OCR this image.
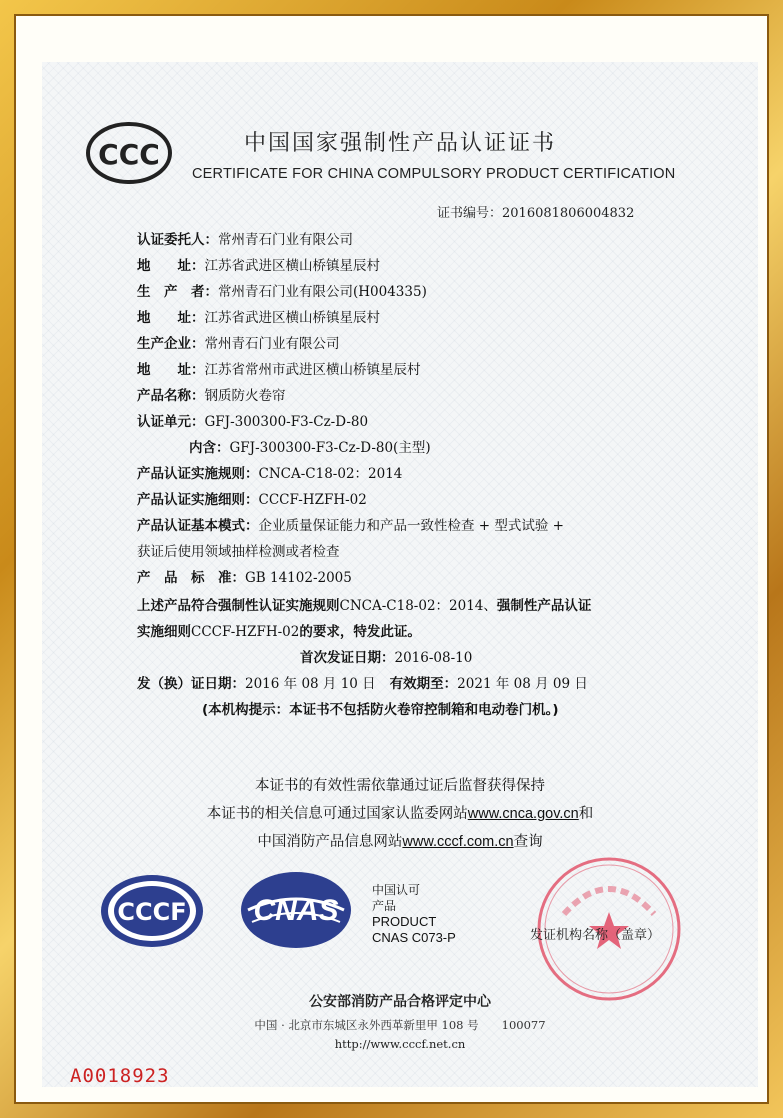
CCC	中国国家强制性产品认证证书
CERTIFICATE FOR CHINA COMPULSORY PRODUCT CERTIFICATION
证书编号：2016081806004832
认证委托人：常州青石门业有限公司
地　　址：江苏省武进区横山桥镇星辰村
生　产　者：常州青石门业有限公司(H004335)
地　　址：江苏省武进区横山桥镇星辰村
生产企业：常州青石门业有限公司
地　　址：江苏省常州市武进区横山桥镇星辰村
产品名称：钢质防火卷帘
认证单元：GFJ-300300-F3-Cz-D-80
内含：GFJ-300300-F3-Cz-D-80(主型)
产品认证实施规则：CNCA-C18-02：2014
产品认证实施细则：CCCF-HZFH-02
产品认证基本模式：企业质量保证能力和产品一致性检查 + 型式试验 +
获证后使用领域抽样检测或者检查
产　品　标　准：GB 14102-2005
上述产品符合强制性认证实施规则CNCA-C18-02：2014、强制性产品认证
实施细则CCCF-HZFH-02的要求，特发此证。
首次发证日期：2016-08-10
发（换）证日期：2016 年 08 月 10 日 有效期至：2021 年 08 月 09 日
(本机构提示：本证书不包括防火卷帘控制箱和电动卷门机。)
本证书的有效性需依靠通过证后监督获得保持
本证书的相关信息可通过国家认监委网站www.cnca.gov.cn和
中国消防产品信息网站www.cccf.com.cn查询
CCCF CNAS
中国认可
产品
PRODUCT
CNAS C073-P	发证机构名称（盖章）
公安部消防产品合格评定中心
中国 · 北京市东城区永外西革新里甲 108 号　　100077
http://www.cccf.net.cn
A0018923
